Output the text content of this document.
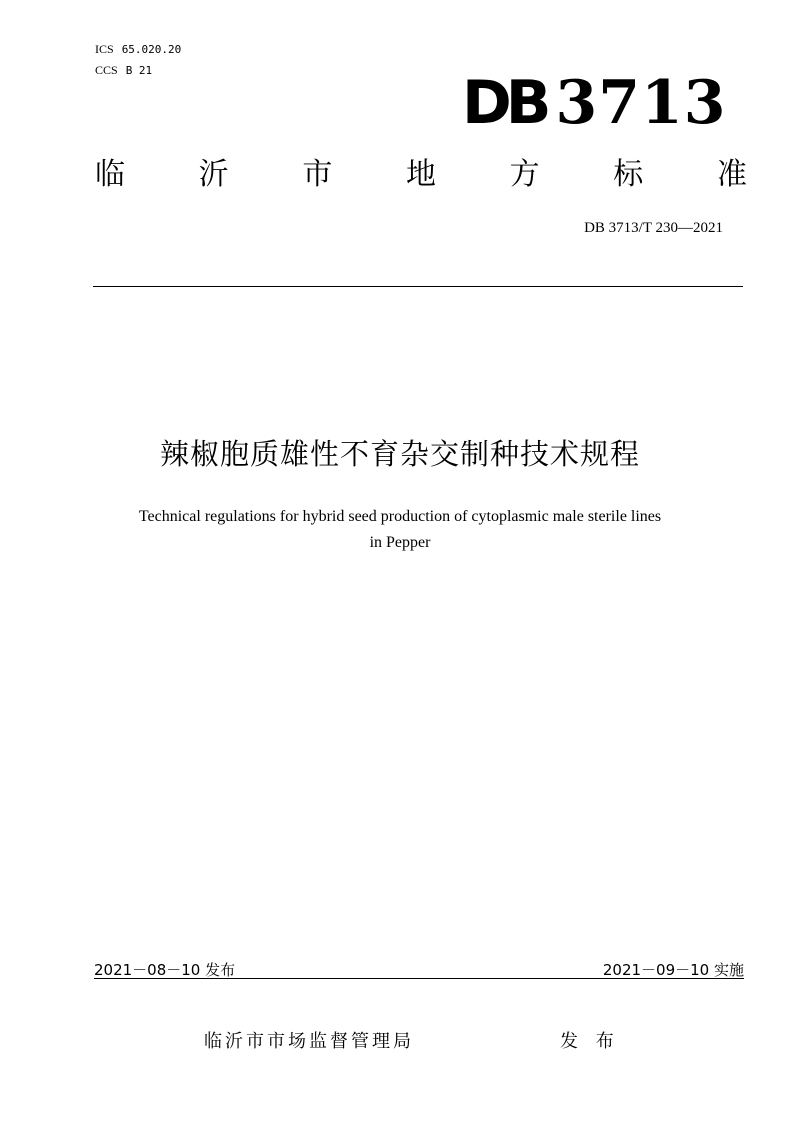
ICS 65.020.20
CCS B 21	DB 3713
临 沂 市 地 方 标 准
DB 3713/T 230—2021
辣椒胞质雄性不育杂交制种技术规程
Technical regulations for hybrid seed production of cytoplasmic male sterile lines
in Pepper
2021－08－10 发布	2021－09－10 实施
临沂市市场监督管理局	发 布
